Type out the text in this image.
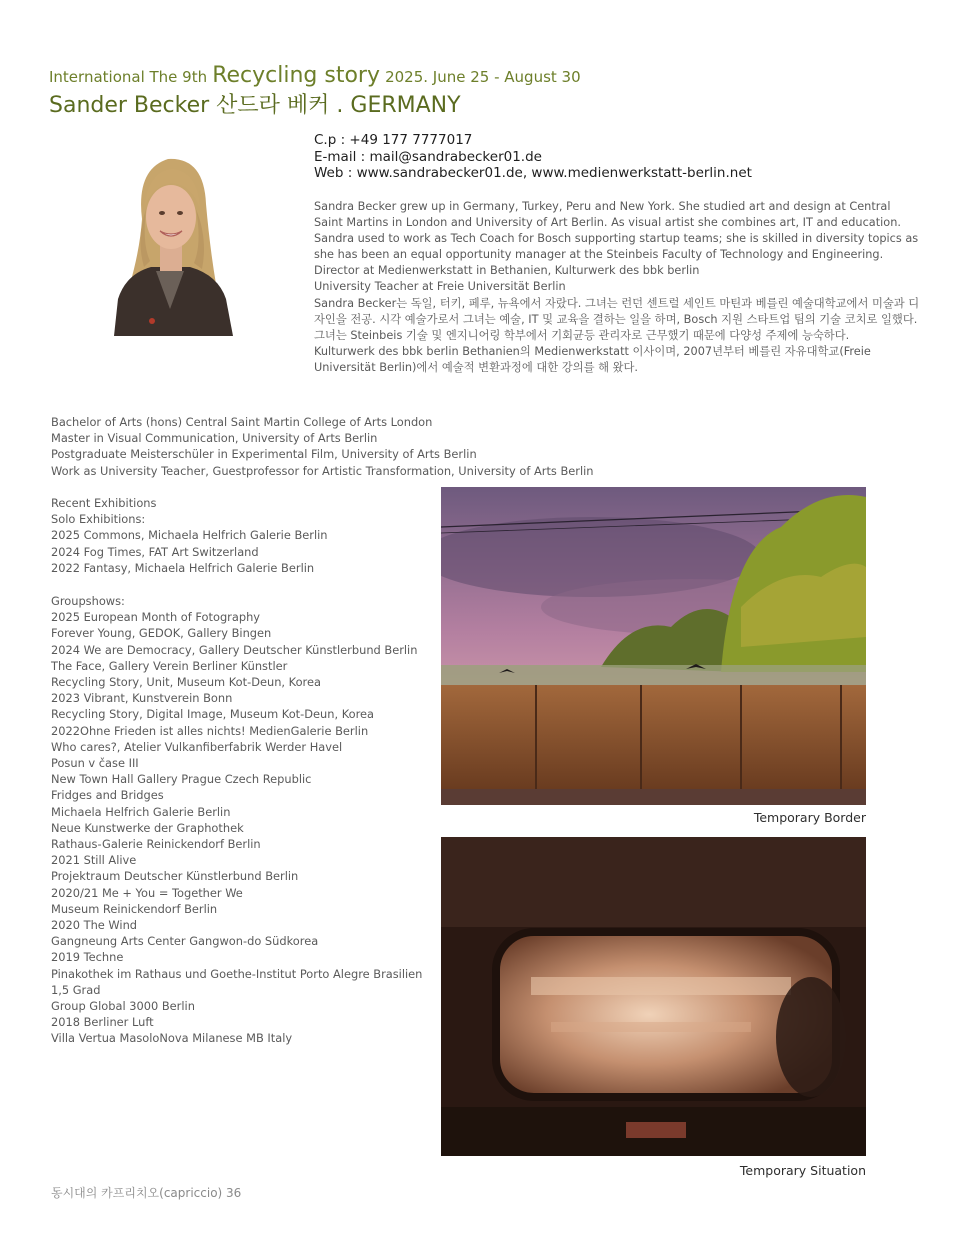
International The 9th Recycling story 2025. June 25 - August 30
Sander Becker 산드라 베커 . GERMANY
C.p : +49 177 7777017
E-mail : mail@sandrabecker01.de
Web : www.sandrabecker01.de, www.medienwerkstatt-berlin.net

Sandra Becker grew up in Germany, Turkey, Peru and New York. She studied art and design at Central Saint Martins in London and University of Art Berlin. As visual artist she combines art, IT and education. Sandra used to work as Tech Coach for Bosch supporting startup teams; she is skilled in diversity topics as she has been an equal opportunity manager at the Steinbeis Faculty of Technology and Engineering.

Director at Medienwerkstatt in Bethanien, Kulturwerk des bbk berlin

University Teacher at Freie Universität Berlin

Sandra Becker는 독일, 터키, 페루, 뉴욕에서 자랐다. 그녀는 런던 센트럴 세인트 마틴과 베를린 예술대학교에서 미술과 디자인을 전공. 시각 예술가로서 그녀는 예술, IT 및 교육을 결하는 일을 하며, Bosch 지원 스타트업 팀의 기술 코치로 일했다. 그녀는 Steinbeis 기술 및 엔지니어링 학부에서 기회균등 관리자로 근무했기 때문에 다양성 주제에 능숙하다.

Kulturwerk des bbk berlin Bethanien의 Medienwerkstatt 이사이며, 2007년부터 베를린 자유대학교(Freie Universität Berlin)에서 예술적 변환과정에 대한 강의를 해 왔다.

Bachelor of Arts (hons) Central Saint Martin College of Arts London
Master in Visual Communication, University of Arts Berlin
Postgraduate Meisterschüler in Experimental Film, University of Arts Berlin
Work as University Teacher, Guestprofessor for Artistic Transformation, University of Arts Berlin
Recent Exhibitions
Solo Exhibitions:
2025 Commons, Michaela Helfrich Galerie Berlin
2024 Fog Times, FAT Art Switzerland
2022 Fantasy, Michaela Helfrich Galerie Berlin
Groupshows:
2025 European Month of Fotography
Forever Young, GEDOK, Gallery Bingen
2024 We are Democracy, Gallery Deutscher Künstlerbund Berlin
The Face, Gallery Verein Berliner Künstler
Recycling Story, Unit, Museum Kot-Deun, Korea
2023 Vibrant, Kunstverein Bonn
Recycling Story, Digital Image, Museum Kot-Deun, Korea
2022Ohne Frieden ist alles nichts! MedienGalerie Berlin
Who cares?, Atelier Vulkanfiberfabrik Werder Havel
Posun v čase III
New Town Hall Gallery Prague Czech Republic
Fridges and Bridges
Michaela Helfrich Galerie Berlin
Neue Kunstwerke der Graphothek
Rathaus-Galerie Reinickendorf Berlin
2021 Still Alive
Projektraum Deutscher Künstlerbund Berlin
2020/21 Me + You = Together We
Museum Reinickendorf Berlin
2020 The Wind
Gangneung Arts Center Gangwon-do Südkorea
2019 Techne
Pinakothek im Rathaus und Goethe-Institut Porto Alegre Brasilien
1,5 Grad
Group Global 3000 Berlin
2018 Berliner Luft
Villa Vertua MasoloNova Milanese MB Italy
Temporary Border
Temporary Situation
동시대의 카프리치오(capriccio) 36
